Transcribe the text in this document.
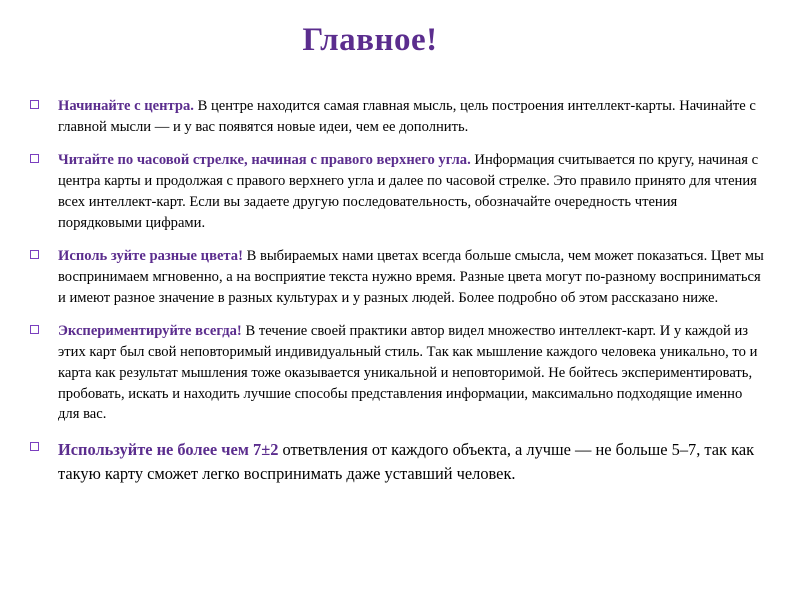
Главное!
Начинайте с центра. В центре находится самая главная мысль, цель построения интеллект-карты. Начинайте с главной мысли — и у вас появятся новые идеи, чем ее дополнить.
Читайте по часовой стрелке, начиная с правого верхнего угла. Информация считывается по кругу, начиная с центра карты и продолжая с правого верхнего угла и далее по часовой стрелке. Это правило принято для чтения всех интеллект-карт. Если вы задаете другую последовательность, обозначайте очередность чтения порядковыми цифрами.
Исполь зуйте разные цвета! В выбираемых нами цветах всегда больше смысла, чем может показаться. Цвет мы воспринимаем мгновенно, а на восприятие текста нужно время. Разные цвета могут по-разному восприниматься и имеют разное значение в разных культурах и у разных людей. Более подробно об этом рассказано ниже.
Экспериментируйте всегда! В течение своей практики автор видел множество интеллект-карт. И у каждой из этих карт был свой неповторимый индивидуальный стиль. Так как мышление каждого человека уникально, то и карта как результат мышления тоже оказывается уникальной и неповторимой. Не бойтесь экспериментировать, пробовать, искать и находить лучшие способы представления информации, максимально подходящие именно для вас.
Используйте не более чем 7±2 ответвления от каждого объекта, а лучше — не больше 5–7, так как такую карту сможет легко воспринимать даже уставший человек.
